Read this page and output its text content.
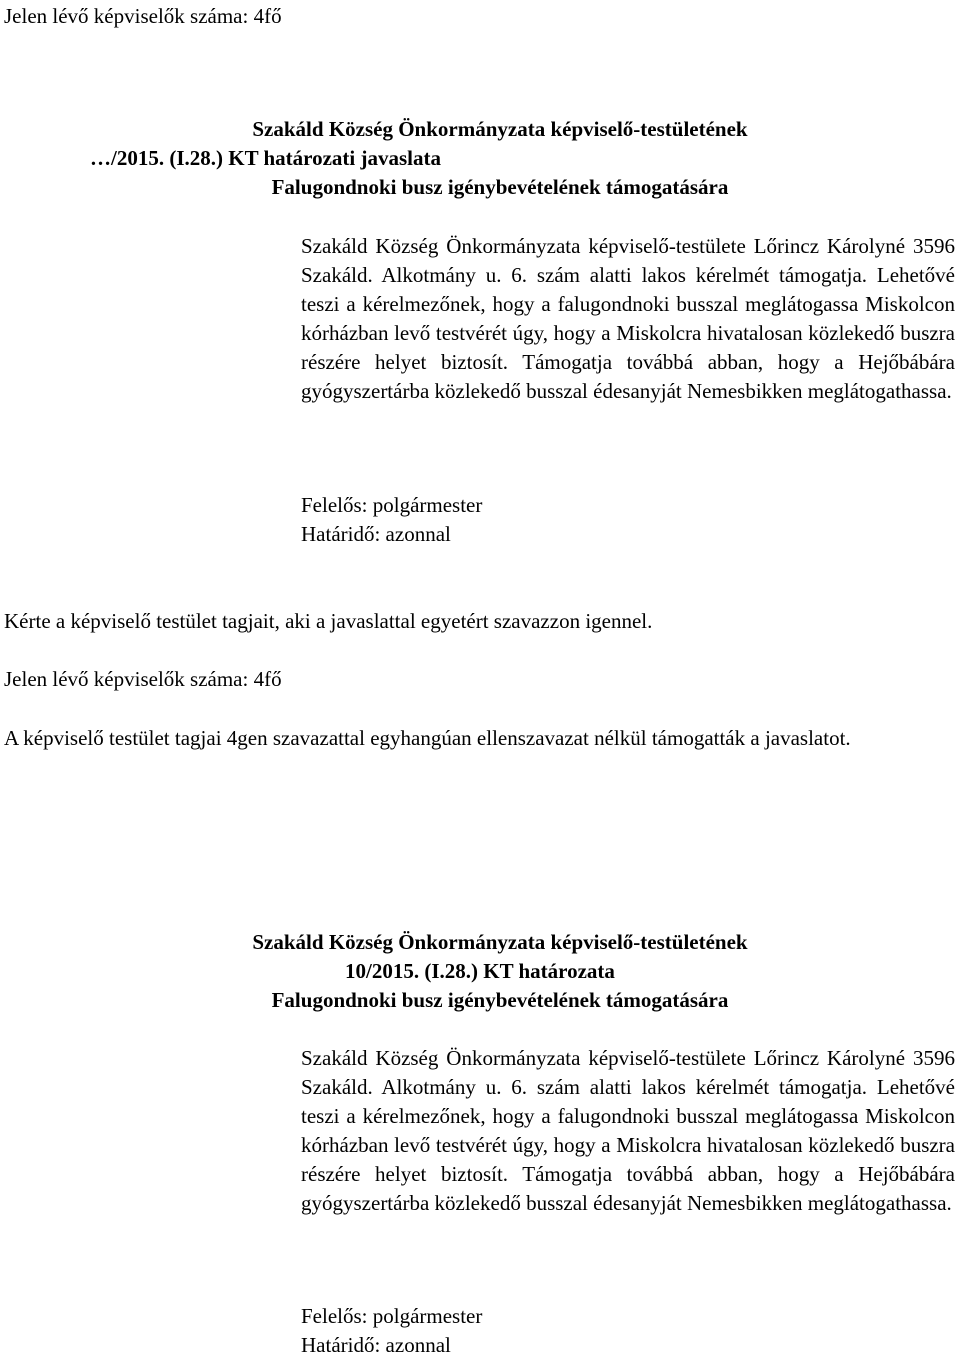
Jelen lévő képviselők száma: 4fő

Szakáld Község Önkormányzata képviselő-testületének

…/2015. (I.28.) KT határozati javaslata

Falugondnoki busz igénybevételének támogatására

Szakáld Község Önkormányzata képviselő-testülete Lőrincz Károlyné 3596 Szakáld. Alkotmány u. 6. szám alatti lakos kérelmét támogatja. Lehetővé teszi a kérelmezőnek, hogy a falugondnoki busszal meglátogassa Miskolcon kórházban levő testvérét úgy, hogy a Miskolcra hivatalosan közlekedő buszra részére helyet biztosít. Támogatja továbbá abban, hogy a Hejőbábára gyógyszertárba közlekedő busszal édesanyját Nemesbikken meglátogathassa.

Felelős: polgármester

Határidő: azonnal

Kérte a képviselő testület tagjait, aki a javaslattal egyetért szavazzon igennel.

Jelen lévő képviselők száma: 4fő

A képviselő testület tagjai 4gen szavazattal egyhangúan ellenszavazat nélkül támogatták a javaslatot.

Szakáld Község Önkormányzata képviselő-testületének

10/2015. (I.28.) KT határozata

Falugondnoki busz igénybevételének támogatására

Szakáld Község Önkormányzata képviselő-testülete Lőrincz Károlyné 3596 Szakáld. Alkotmány u. 6. szám alatti lakos kérelmét támogatja. Lehetővé teszi a kérelmezőnek, hogy a falugondnoki busszal meglátogassa Miskolcon kórházban levő testvérét úgy, hogy a Miskolcra hivatalosan közlekedő buszra részére helyet biztosít. Támogatja továbbá abban, hogy a Hejőbábára gyógyszertárba közlekedő busszal édesanyját Nemesbikken meglátogathassa.

Felelős: polgármester

Határidő: azonnal
